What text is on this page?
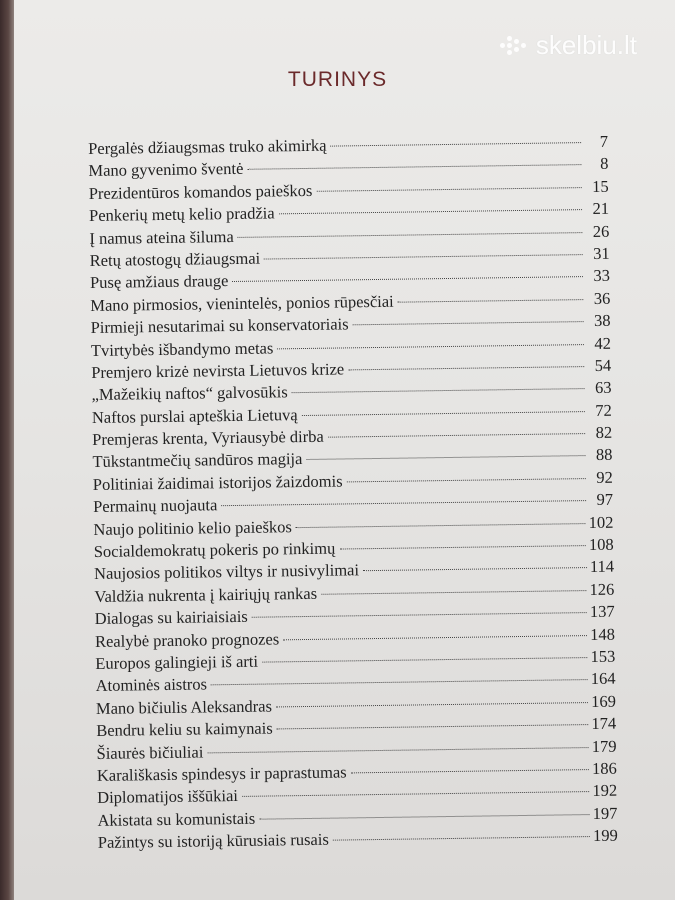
skelbiu.lt
TURINYS
Pergalės džiaugsmas truko akimirką	7
Mano gyvenimo šventė	8
Prezidentūros komandos paieškos	15
Penkerių metų kelio pradžia	21
Į namus ateina šiluma	26
Retų atostogų džiaugsmai	31
Pusę amžiaus drauge	33
Mano pirmosios, vienintelės, ponios rūpesčiai	36
Pirmieji nesutarimai su konservatoriais	38
Tvirtybės išbandymo metas	42
Premjero krizė nevirsta Lietuvos krize	54
„Mažeikių naftos“ galvosūkis	63
Naftos purslai apteškia Lietuvą	72
Premjeras krenta, Vyriausybė dirba	82
Tūkstantmečių sandūros magija	88
Politiniai žaidimai istorijos žaizdomis	92
Permainų nuojauta	97
Naujo politinio kelio paieškos	102
Socialdemokratų pokeris po rinkimų	108
Naujosios politikos viltys ir nusivylimai	114
Valdžia nukrenta į kairiųjų rankas	126
Dialogas su kairiaisiais	137
Realybė pranoko prognozes	148
Europos galingieji iš arti	153
Atominės aistros	164
Mano bičiulis Aleksandras	169
Bendru keliu su kaimynais	174
Šiaurės bičiuliai	179
Karališkasis spindesys ir paprastumas	186
Diplomatijos iššūkiai	192
Akistata su komunistais	197
Pažintys su istoriją kūrusiais rusais	199
